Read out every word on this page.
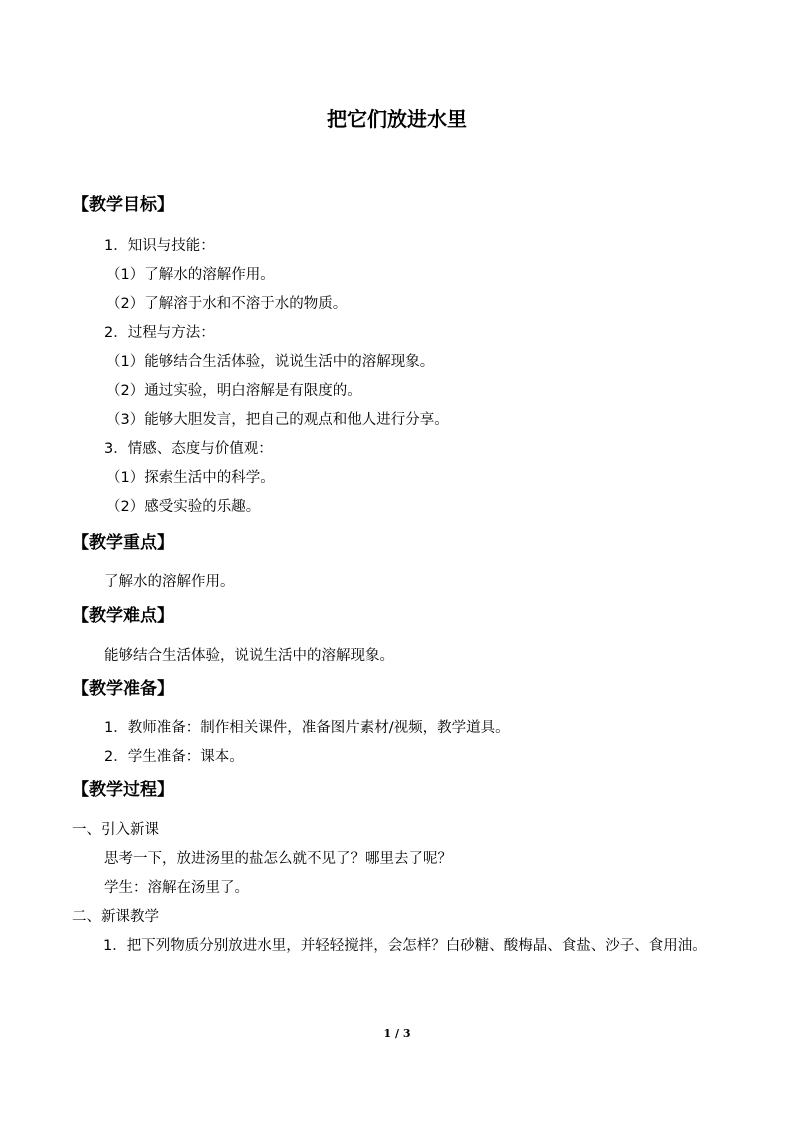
把它们放进水里
【教学目标】
1．知识与技能：
（1）了解水的溶解作用。
（2）了解溶于水和不溶于水的物质。
2．过程与方法：
（1）能够结合生活体验，说说生活中的溶解现象。
（2）通过实验，明白溶解是有限度的。
（3）能够大胆发言，把自己的观点和他人进行分享。
3．情感、态度与价值观：
（1）探索生活中的科学。
（2）感受实验的乐趣。
【教学重点】
了解水的溶解作用。
【教学难点】
能够结合生活体验，说说生活中的溶解现象。
【教学准备】
1．教师准备：制作相关课件，准备图片素材/视频，教学道具。
2．学生准备：课本。
【教学过程】
一、引入新课
思考一下，放进汤里的盐怎么就不见了？哪里去了呢？
学生：溶解在汤里了。
二、新课教学
1．把下列物质分别放进水里，并轻轻搅拌，会怎样？白砂糖、酸梅晶、食盐、沙子、食用油。
1 / 3
